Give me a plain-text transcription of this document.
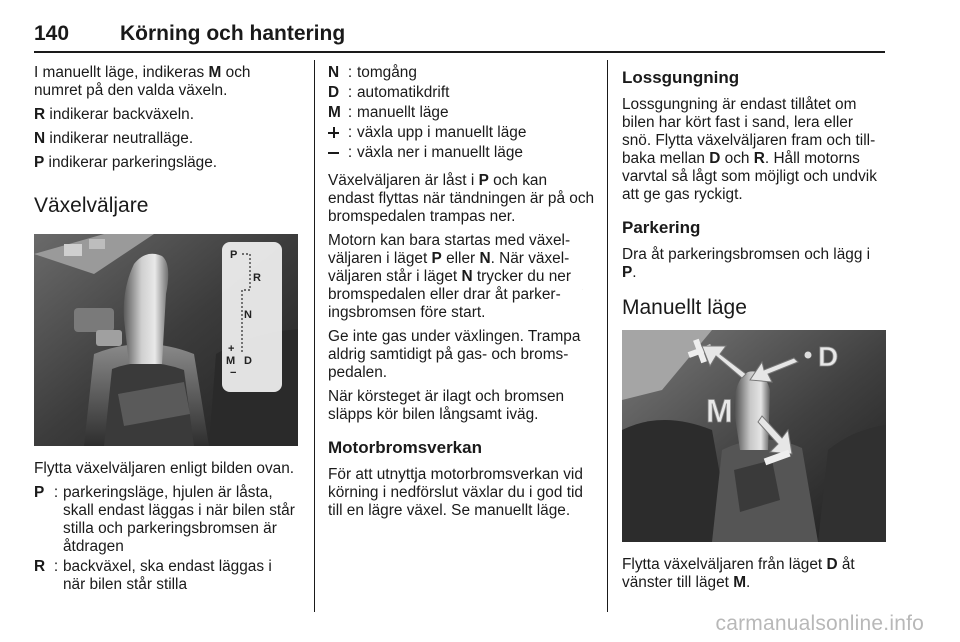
140 Körning och hantering

I manuellt läge, indikeras M och numret på den valda växeln.

R indikerar backväxeln.

N indikerar neutralläge.

P indikerar parkeringsläge.

Växelväljare
P
R
N
+
M D
−

Flytta växelväljaren enligt bilden ovan.

P	:	parkeringsläge, hjulen är låsta, skall endast läggas i när bilen står stilla och parkeringsbromsen är åtdragen
R	:	backväxel, ska endast läggas i när bilen står stilla
N	:	tomgång
D	:	automatikdrift
M	:	manuellt läge
	:	växla upp i manuellt läge
	:	växla ner i manuellt läge

Växelväljaren är låst i P och kan endast flyttas när tändningen är på och bromspedalen trampas ner.

Motorn kan bara startas med växelväljaren i läget P eller N. När växelväljaren står i läget N trycker du ner bromspedalen eller drar åt parkeringsbromsen före start.

Ge inte gas under växlingen. Trampa aldrig samtidigt på gas- och bromspedalen.

När körsteget är ilagt och bromsen släpps kör bilen långsamt iväg.

Motorbromsverkan

För att utnyttja motorbromsverkan vid körning i nedförslut växlar du i god tid till en lägre växel. Se manuellt läge.

Lossgungning

Lossgungning är endast tillåtet om bilen har kört fast i sand, lera eller snö. Flytta växelväljaren fram och tillbaka mellan D och R. Håll motorns varvtal så lågt som möjligt och undvik att ge gas ryckigt.

Parkering

Dra åt parkeringsbromsen och lägg i P.

Manuellt läge
+
D
M

Flytta växelväljaren från läget D åt vänster till läget M.

carmanualsonline.info
